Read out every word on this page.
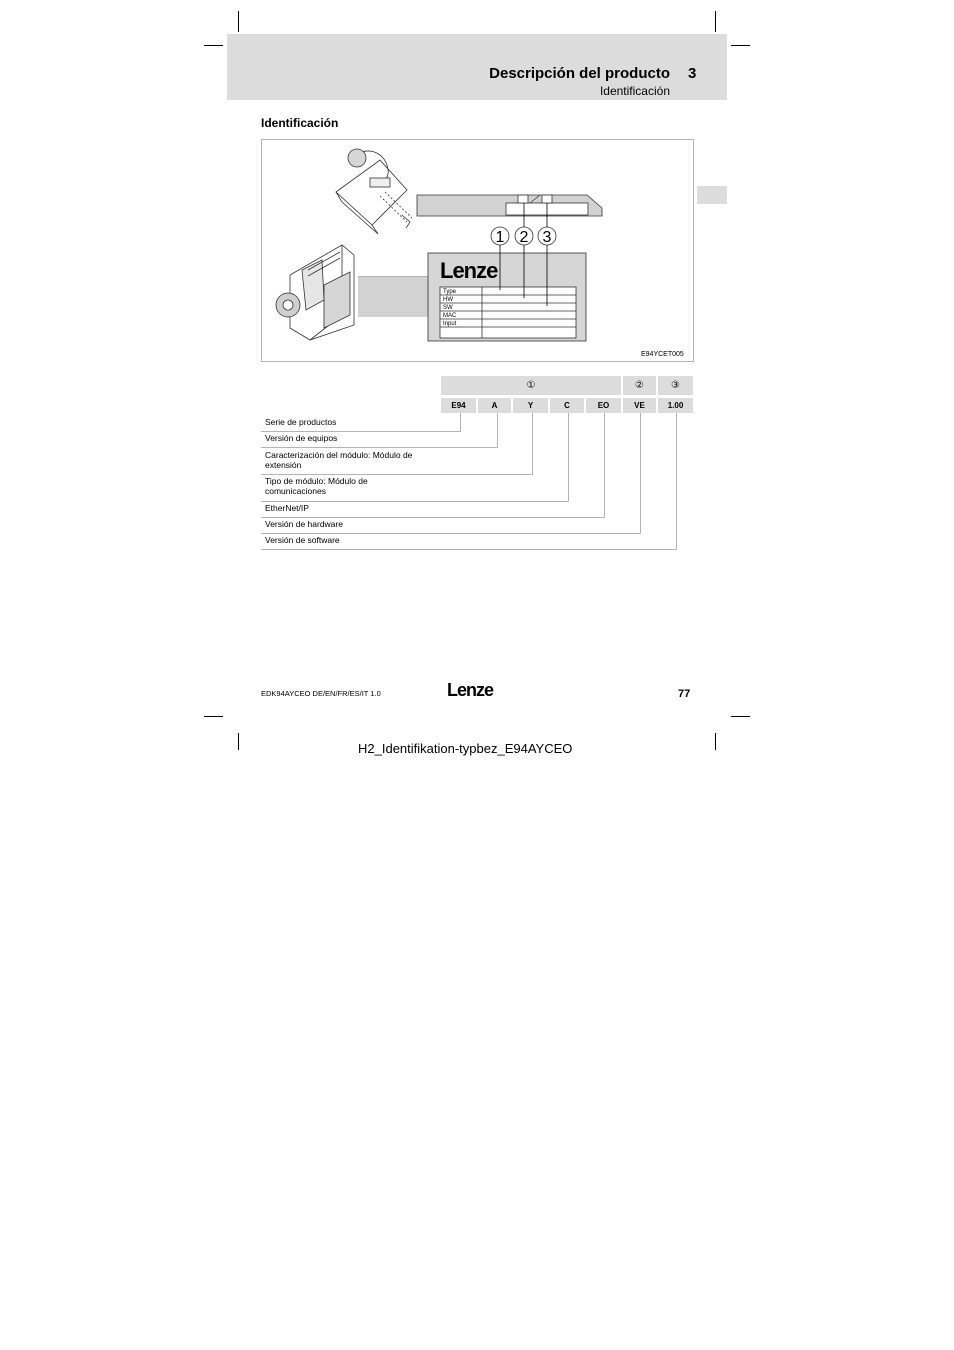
Descripción del producto 3
Identificación
Identificación
1 2 3
Lenze
Type
HW
SW
MAC
Input
E94YCET005
①	②	③
E94	A	Y	C	EO	VE	1.00
Serie de productos
Versión de equipos
Caracterización del módulo: Módulo de extensión
Tipo de módulo: Módulo de comunicaciones
EtherNet/IP
Versión de hardware
Versión de software
EDK94AYCEO DE/EN/FR/ES/IT 1.0	Lenze	77
H2_Identifikation-typbez_E94AYCEO
